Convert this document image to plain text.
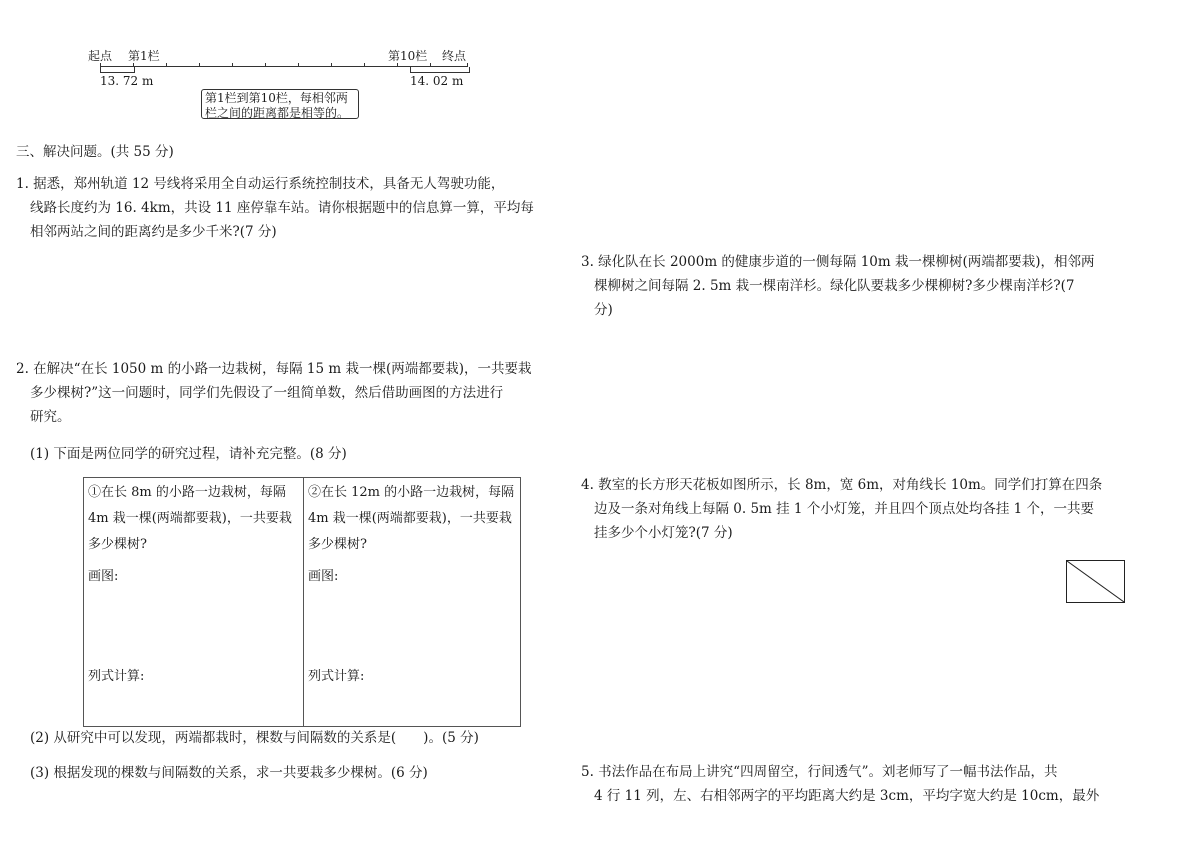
起点 第1栏	第10栏 终点
13. 72 m	14. 02 m
第1栏到第10栏，每相邻两
栏之间的距离都是相等的。
三、解决问题。(共 55 分)
1. 据悉，郑州轨道 12 号线将采用全自动运行系统控制技术，具备无人驾驶功能，
线路长度约为 16. 4km，共设 11 座停靠车站。请你根据题中的信息算一算，平均每
相邻两站之间的距离约是多少千米?(7 分)
2. 在解决“在长 1050 m 的小路一边栽树，每隔 15 m 栽一棵(两端都要栽)，一共要栽
多少棵树?”这一问题时，同学们先假设了一组简单数，然后借助画图的方法进行
研究。
(1) 下面是两位同学的研究过程，请补充完整。(8 分)
①在长 8m 的小路一边栽树，每隔 4m 栽一棵(两端都要栽)，一共要栽多少棵树?
画图:
列式计算:
②在长 12m 的小路一边栽树，每隔 4m 栽一棵(两端都要栽)，一共要栽多少棵树?
画图:
列式计算:
(2) 从研究中可以发现，两端都栽时，棵数与间隔数的关系是(　　)。(5 分)
(3) 根据发现的棵数与间隔数的关系，求一共要栽多少棵树。(6 分)
3. 绿化队在长 2000m 的健康步道的一侧每隔 10m 栽一棵柳树(两端都要栽)，相邻两
棵柳树之间每隔 2. 5m 栽一棵南洋杉。绿化队要栽多少棵柳树?多少棵南洋杉?(7
分)
4. 教室的长方形天花板如图所示，长 8m，宽 6m，对角线长 10m。同学们打算在四条
边及一条对角线上每隔 0. 5m 挂 1 个小灯笼，并且四个顶点处均各挂 1 个，一共要
挂多少个小灯笼?(7 分)
5. 书法作品在布局上讲究“四周留空，行间透气”。刘老师写了一幅书法作品，共
4 行 11 列，左、右相邻两字的平均距离大约是 3cm，平均字宽大约是 10cm，最外
